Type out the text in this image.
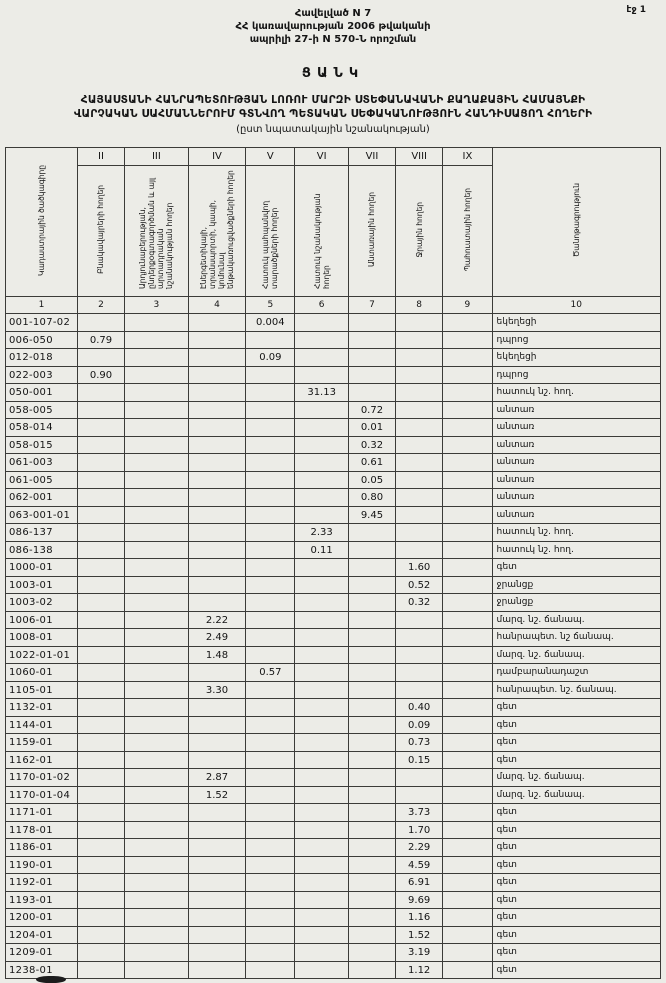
էջ 1
Հավելված N 7
ՀՀ կառավարության 2006 թվականի
ապրիլի 27-ի N 570-Ն որոշման
ՑԱՆԿ
ՀԱՅԱՍՏԱՆԻ ՀԱՆՐԱՊԵՏՈՒԹՅԱՆ ԼՈՌՈՒ ՄԱՐԶԻ ՍՏԵՓԱՆԱՎԱՆԻ ՔԱՂԱՔԱՅԻՆ ՀԱՄԱՅՆՔԻ
ՎԱՐՉԱԿԱՆ ՍԱՀՄԱՆՆԵՐՈՒՄ ԳՏՆՎՈՂ ՊԵՏԱԿԱՆ ՍԵՓԱԿԱՆՈՒԹՅՈՒՆ ՀԱՆԴԻՍԱՑՈՂ ՀՈՂԵՐԻ
(ըստ նպատակային նշանակության)
Կադաստրային ծածկագիրը	II	III	IV	V	VI	VII	VIII	IX	Ծանոթագրություն
	Բնակավայրերի հողեր	Արդյունաբերության, ընդերքօգտագործման և այլ արտադրական նշանակության հողեր	Էներգետիկայի, տրանսպորտի, կապի, կոմունալ ենթակառուցվածքների հողեր	Հատուկ պահպանվող տարածքների հողեր	Հատուկ նշանակության հողեր	Անտառային հողեր	Ջրային հողեր	Պահուստային հողեր	
1	2	3	4	5	6	7	8	9	10
001-107-02				0.004					եկեղեցի
006-050	0.79								դպրոց
012-018				0.09					եկեղեցի
022-003	0.90								դպրոց
050-001					31.13				հատուկ նշ. հող.
058-005						0.72			անտառ
058-014						0.01			անտառ
058-015						0.32			անտառ
061-003						0.61			անտառ
061-005						0.05			անտառ
062-001						0.80			անտառ
063-001-01						9.45			անտառ
086-137					2.33				հատուկ նշ. հող.
086-138					0.11				հատուկ նշ. հող.
1000-01							1.60		գետ
1003-01							0.52		ջրանցք
1003-02							0.32		ջրանցք
1006-01			2.22						մարզ. նշ. ճանապ.
1008-01			2.49						հանրապետ. նշ ճանապ.
1022-01-01			1.48						մարզ. նշ. ճանապ.
1060-01				0.57					դամբարանադաշտ
1105-01			3.30						հանրապետ. նշ. ճանապ.
1132-01							0.40		գետ
1144-01							0.09		գետ
1159-01							0.73		գետ
1162-01							0.15		գետ
1170-01-02			2.87						մարզ. նշ. ճանապ.
1170-01-04			1.52						մարզ. նշ. ճանապ.
1171-01							3.73		գետ
1178-01							1.70		գետ
1186-01							2.29		գետ
1190-01							4.59		գետ
1192-01							6.91		գետ
1193-01							9.69		գետ
1200-01							1.16		գետ
1204-01							1.52		գետ
1209-01							3.19		գետ
1238-01							1.12		գետ
